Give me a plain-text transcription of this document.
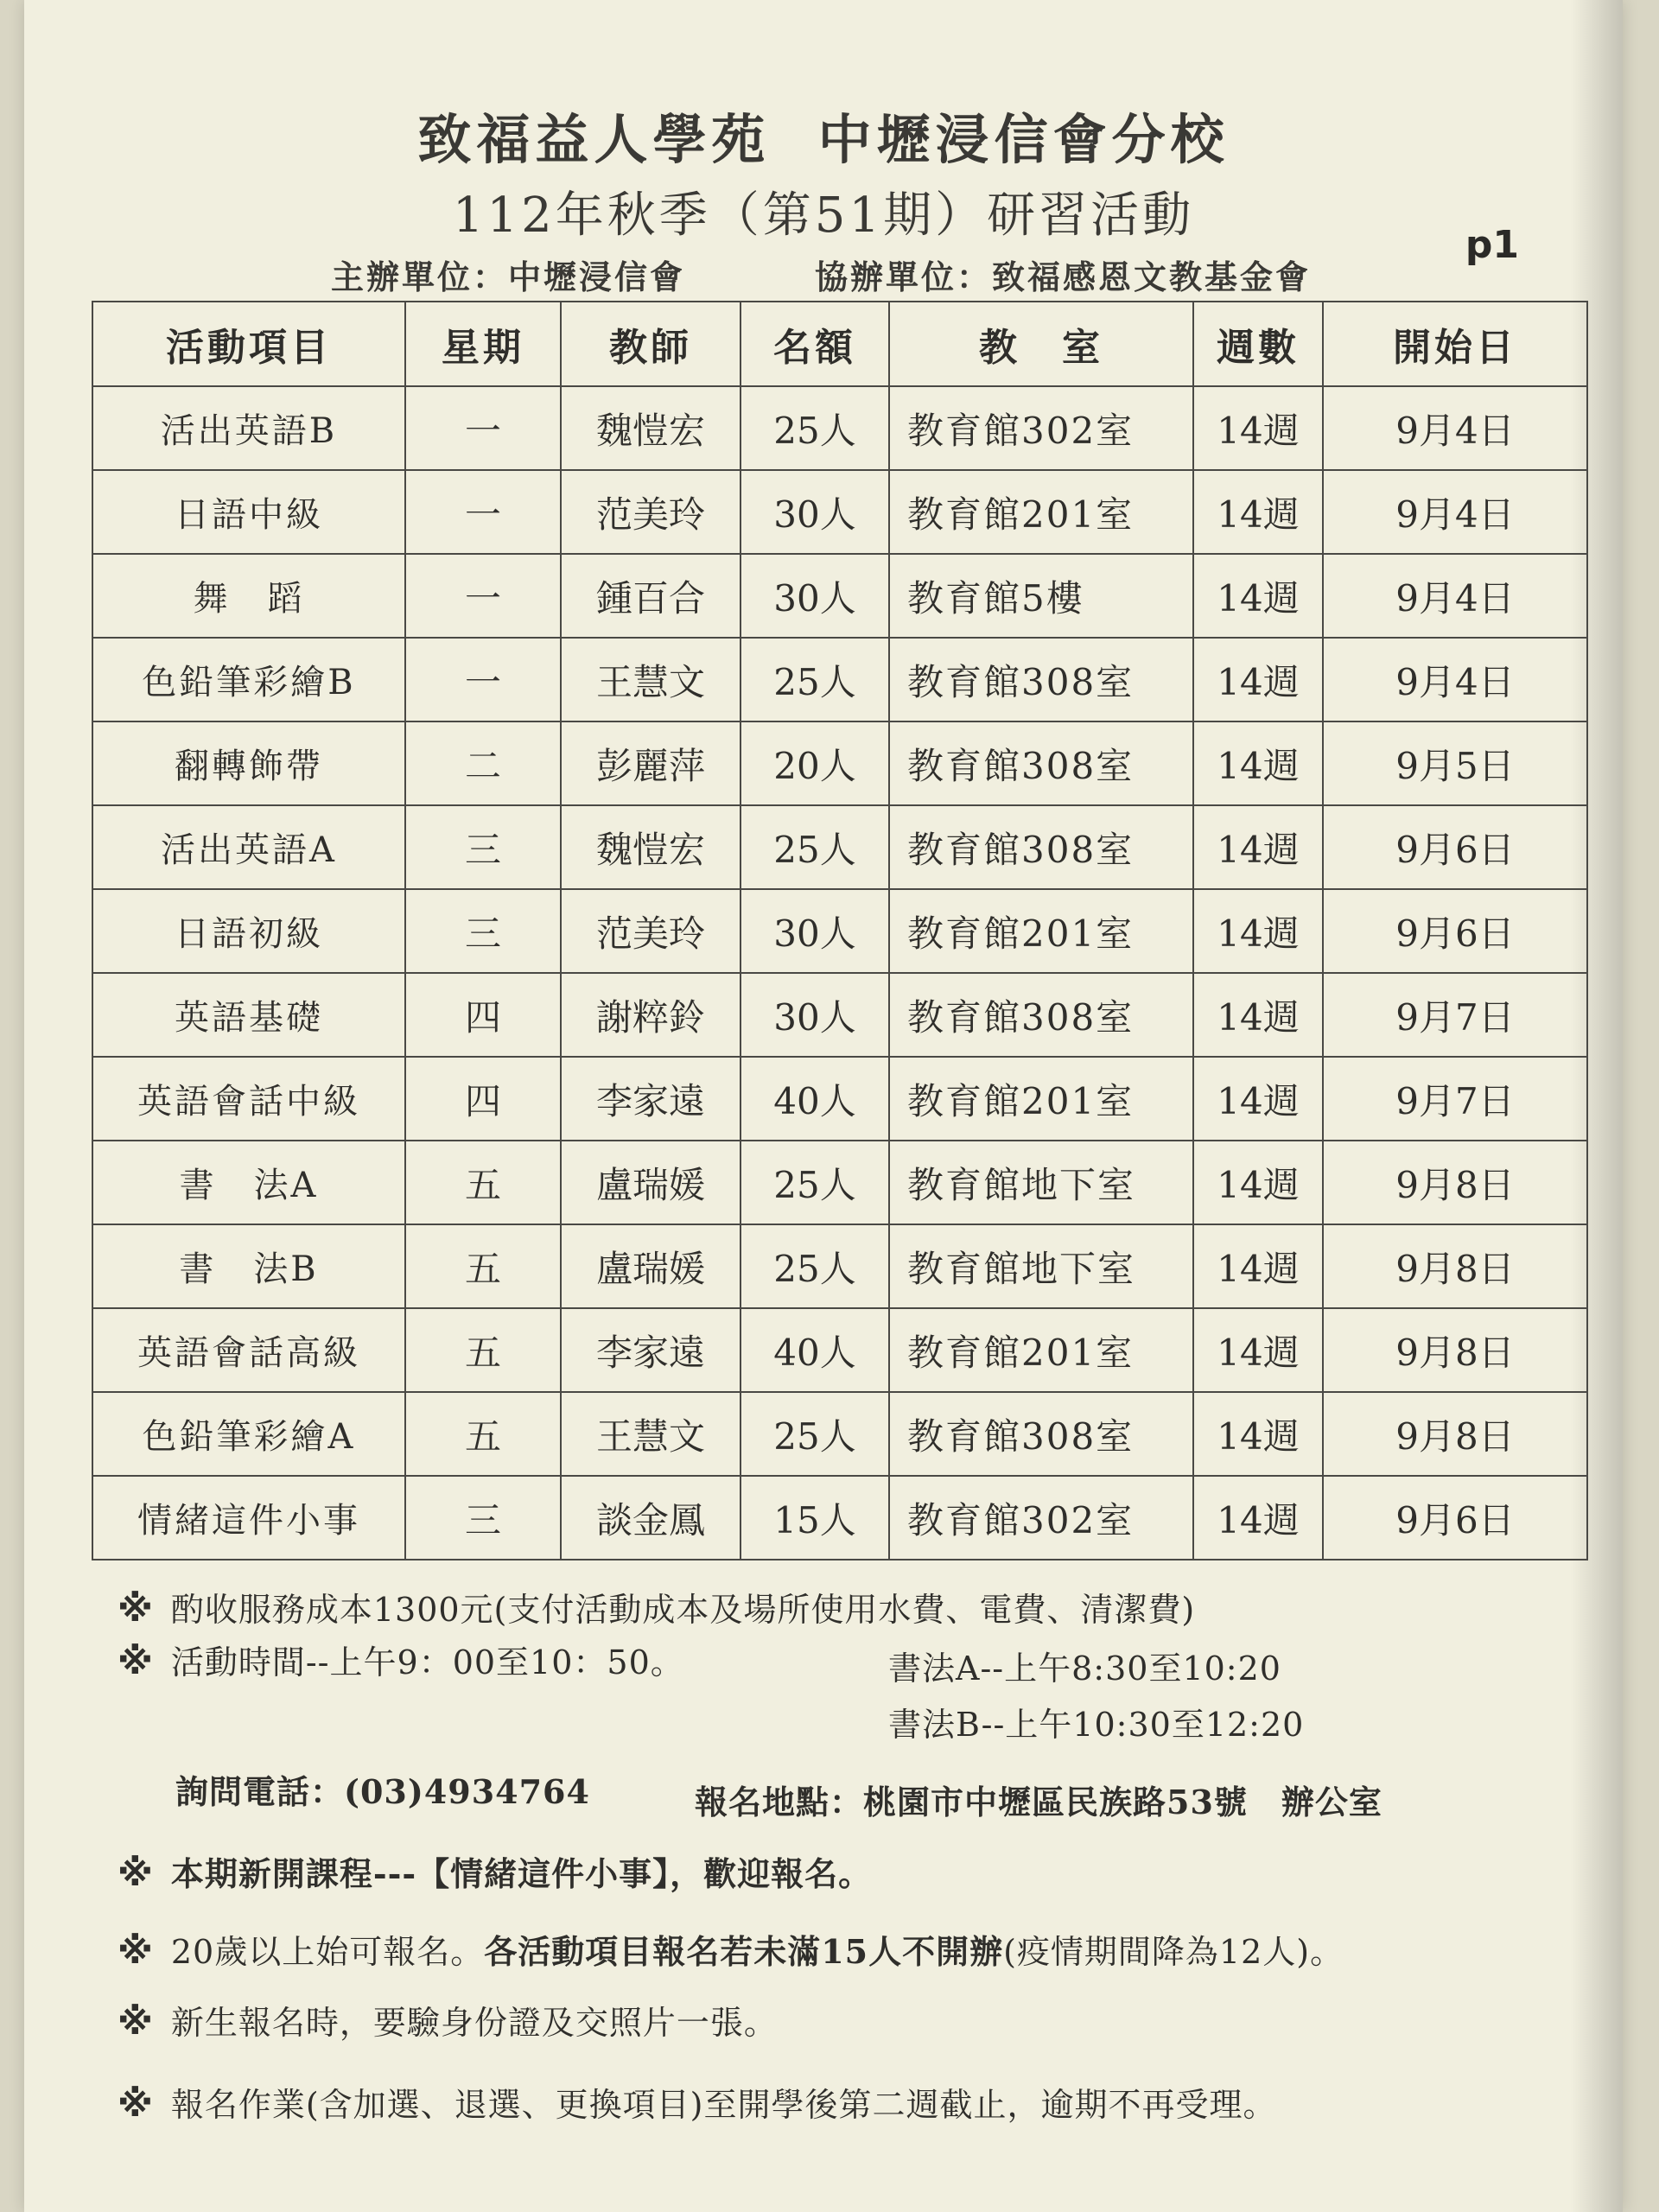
致福益人學苑  中壢浸信會分校
112年秋季（第51期）研習活動
p1
主辦單位：中壢浸信會	協辦單位：致福感恩文教基金會
活動項目	星期	教師	名額	教　室	週數	開始日
活出英語B	一	魏愷宏	25人	教育館302室	14週	9月4日
日語中級	一	范美玲	30人	教育館201室	14週	9月4日
舞　蹈	一	鍾百合	30人	教育館5樓	14週	9月4日
色鉛筆彩繪B	一	王慧文	25人	教育館308室	14週	9月4日
翻轉飾帶	二	彭麗萍	20人	教育館308室	14週	9月5日
活出英語A	三	魏愷宏	25人	教育館308室	14週	9月6日
日語初級	三	范美玲	30人	教育館201室	14週	9月6日
英語基礎	四	謝粹鈴	30人	教育館308室	14週	9月7日
英語會話中級	四	李家遠	40人	教育館201室	14週	9月7日
書　法A	五	盧瑞媛	25人	教育館地下室	14週	9月8日
書　法B	五	盧瑞媛	25人	教育館地下室	14週	9月8日
英語會話高級	五	李家遠	40人	教育館201室	14週	9月8日
色鉛筆彩繪A	五	王慧文	25人	教育館308室	14週	9月8日
情緒這件小事	三	談金鳳	15人	教育館302室	14週	9月6日
※ 酌收服務成本1300元(支付活動成本及場所使用水費、電費、清潔費)
※ 活動時間--上午9：00至10：50。	書法A--上午8:30至10:20
書法B--上午10:30至12:20
詢問電話：(03)4934764	報名地點：桃園市中壢區民族路53號　辦公室
※ 本期新開課程---【情緒這件小事】，歡迎報名。
※ 20歲以上始可報名。各活動項目報名若未滿15人不開辦(疫情期間降為12人)。
※ 新生報名時，要驗身份證及交照片一張。
※ 報名作業(含加選、退選、更換項目)至開學後第二週截止，逾期不再受理。
